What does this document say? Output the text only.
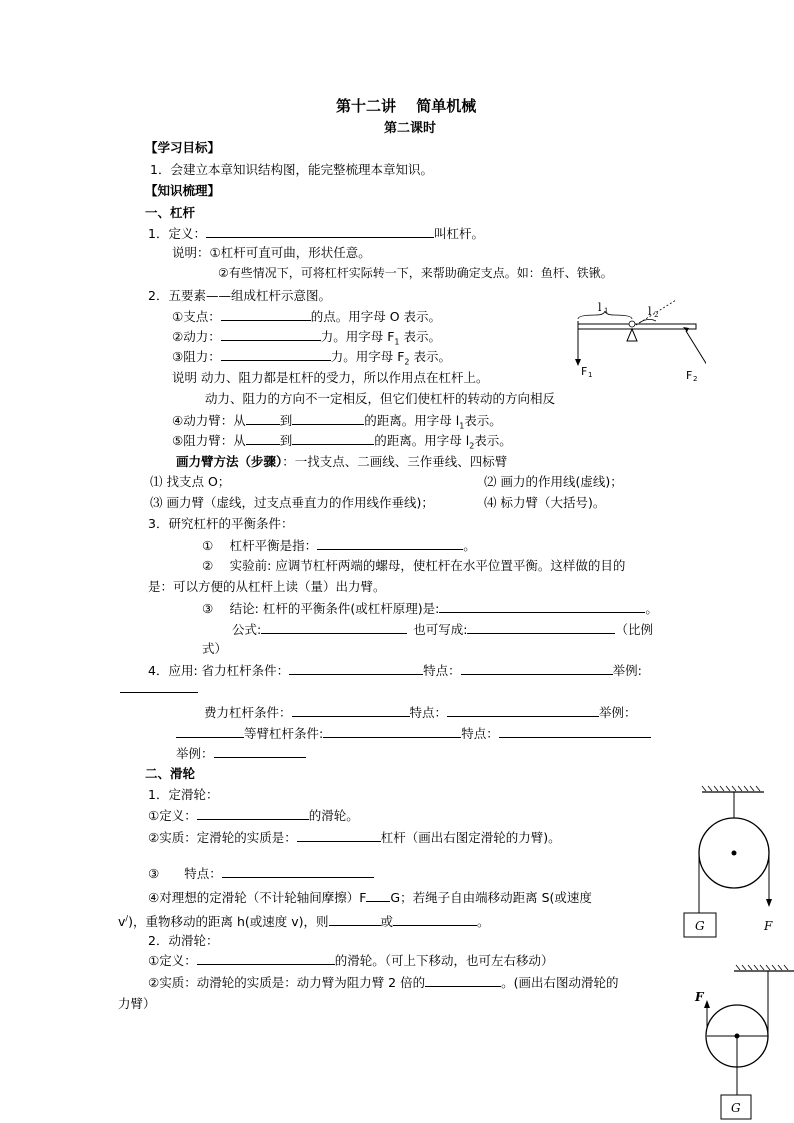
第十二讲　 简单机械
第二课时
【学习目标】
1．会建立本章知识结构图，能完整梳理本章知识。
【知识梳理】
一、杠杆
1．定义：	叫杠杆。
说明：①杠杆可直可曲，形状任意。
②有些情况下，可将杠杆实际转一下，来帮助确定支点。如：鱼杆、铁锹。
2．五要素——组成杠杆示意图。
①支点：	的点。用字母 O 表示。
②动力：	力。用字母 $F_1$ 表示。
③阻力：	力。用字母 $F_2$ 表示。
说明 动力、阻力都是杠杆的受力，所以作用点在杠杆上。
动力、阻力的方向不一定相反，但它们使杠杆的转动的方向相反
④动力臂：从	到	的距离。用字母 $l_1$表示。
⑤阻力臂：从	到	的距离。用字母 $l_2$表示。
画力臂方法（步骤）：一找支点、二画线、三作垂线、四标臂
⑴ 找支点 O；	⑵ 画力的作用线(虚线)；
⑶ 画力臂（虚线，过支点垂直力的作用线作垂线)；	⑷ 标力臂（大括号)。
3．研究杠杆的平衡条件：
①　 杠杆平衡是指：	。
②　 实验前: 应调节杠杆两端的螺母，使杠杆在水平位置平衡。这样做的目的
是：可以方便的从杠杆上读（量）出力臂。
③　 结论: 杠杆的平衡条件(或杠杆原理)是:	。
公式:	也可写成:	（比例
式）
4．应用: 省力杠杆条件：	特点：	举例:
费力杠杆条件：	特点：	举例：
等臂杠杆条件:	特点：
举例：
l 1	l 2
F 1	F 2
二、滑轮
1．定滑轮：
①定义：	的滑轮。
②实质：定滑轮的实质是：	杠杆（画出右图定滑轮的力臂)。
③　　特点：
④对理想的定滑轮（不计轮轴间摩擦）F G；若绳子自由端移动距离 S(或速度
v/)，重物移动的距离 h(或速度 v)，则	或	。
2．动滑轮：
①定义：	的滑轮。（可上下移动，也可左右移动）
②实质：动滑轮的实质是：动力臂为阻力臂 2 倍的	。(画出右图动滑轮的
力臂）
G	F
G
F
